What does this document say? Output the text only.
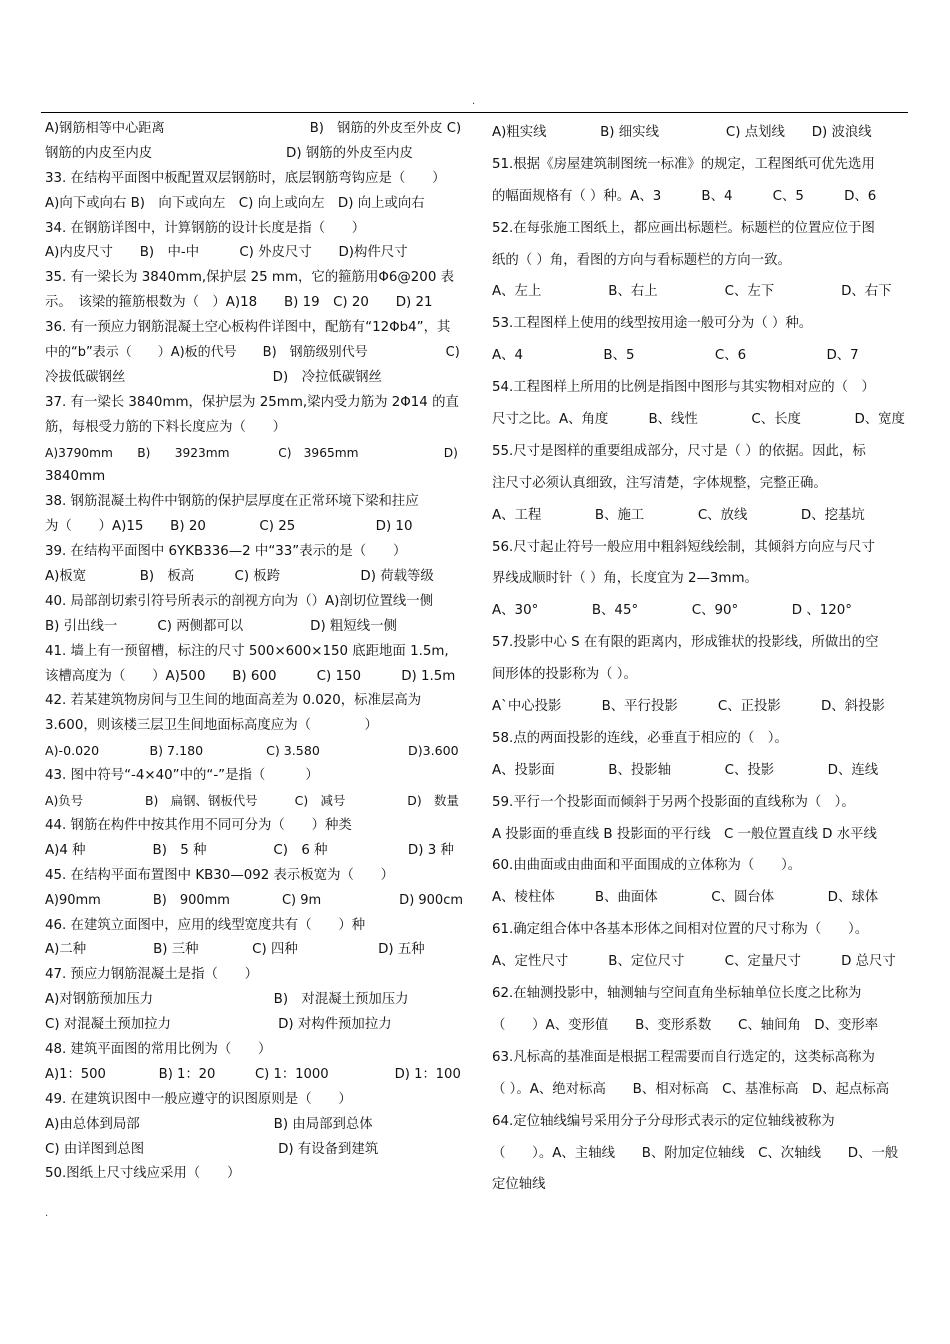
.
A)钢筋相等中心距离　　　　　　　　　　　B)　钢筋的外皮至外皮 C)
钢筋的内皮至内皮　　　　　　　　　　D) 钢筋的外皮至内皮
33. 在结构平面图中板配置双层钢筋时，底层钢筋弯钩应是（　　）
A)向下或向右 B)　向下或向左　C) 向上或向左　D) 向上或向右
34. 在钢筋详图中，计算钢筋的设计长度是指（　　）
A)内皮尺寸　　B)　中-中　　　C) 外皮尺寸　　D)构件尺寸
35. 有一梁长为 3840mm,保护层 25 mm，它的箍筋用Φ6@200 表
示。　该梁的箍筋根数为（　）A)18　　B) 19　C) 20　　D) 21
36. 有一预应力钢筋混凝土空心板构件详图中，配筋有“12Φb4”，其
中的“b”表示（　　）A)板的代号　　B)　钢筋级别代号　　　　　　C)
冷拔低碳钢丝　　　　　　　　　　　D)　冷拉低碳钢丝
37. 有一梁长 3840mm，保护层为 25mm,梁内受力筋为 2Φ14 的直
筋，每根受力筋的下料长度应为（　　）
A)3790mm　　B)　　3923mm　　　　C)　3965mm　　　　　　　D)
3840mm
38. 钢筋混凝土构件中钢筋的保护层厚度在正常环境下梁和拄应
为（　　）A)15　　B) 20　　　　C) 25　　　　　　D) 10
39. 在结构平面图中 6YKB336—2 中“33”表示的是（　　）
A)板宽　　　　B)　板高　　　C) 板跨　　　　　　D) 荷载等级
40. 局部剖切索引符号所表示的剖视方向为（）A)剖切位置线一侧
B) 引出线一　　　C) 两侧都可以　　　　　D) 粗短线一侧
41. 墙上有一预留槽，标注的尺寸 500×600×150 底距地面 1.5m,
该槽高度为（　　）A)500　　B) 600　　　C) 150　　　D) 1.5m
42. 若某建筑物房间与卫生间的地面高差为 0.020，标准层高为
3.600，则该楼三层卫生间地面标高度应为（　　　　）
A)-0.020　　　　B) 7.180　　　　　C) 3.580　　　　　　　D)3.600
43. 图中符号“-4×40”中的“-”是指（　　　）
A)负号　　　　　B)　扁钢、钢板代号　　　C)　减号　　　　　D)　数量
44. 钢筋在构件中按其作用不同可分为（　　）种类
A)4 种　　　　　B)　5 种　　　　　C)　6 种　　　　　　D) 3 种
45. 在结构平面布置图中 KB30—092 表示板宽为（　　）
A)90mm　　　　B)　900mm　　　　C) 9m　　　　　　D) 900cm
46. 在建筑立面图中，应用的线型宽度共有（　　）种
A)二种　　　　　B) 三种　　　　C) 四种　　　　　　D) 五种
47. 预应力钢筋混凝土是指（　　）
A)对钢筋预加压力　　　　　　　　　B)　对混凝土预加压力
C) 对混凝土预加拉力　　　　　　　　D) 对构件预加拉力
48. 建筑平面图的常用比例为（　　）
A)1：500　　　　B) 1：20　　　C) 1：1000　　　　　D) 1：100
49. 在建筑识图中一般应遵守的识图原则是（　　）
A)由总体到局部　　　　　　　　　　B) 由局部到总体
C) 由详图到总图　　　　　　　　　　D) 有设备到建筑
50.图纸上尺寸线应采用（　　）
A)粗实线　　　　B) 细实线　　　　　C) 点划线　　D) 波浪线
51.根据《房屋建筑制图统一标准》的规定，工程图纸可优先选用
的幅面规格有（ ）种。A、3　　　B、4　　　C、5　　　D、6
52.在每张施工图纸上，都应画出标题栏。标题栏的位置应位于图
纸的（ ）角，看图的方向与看标题栏的方向一致。
A、左上　　　　　B、右上　　　　　C、左下　　　　　D、右下
53.工程图样上使用的线型按用途一般可分为（ ）种。
A、4　　　　　　B、5　　　　　　C、6　　　　　　D、7
54.工程图样上所用的比例是指图中图形与其实物相对应的（　）
尺寸之比。A、角度　　　B、线性　　　　C、长度　　　　D、宽度
55.尺寸是图样的重要组成部分，尺寸是（ ）的依据。因此，标
注尺寸必须认真细致，注写清楚，字体规整，完整正确。
A、工程　　　　B、施工　　　　C、放线　　　　D、挖基坑
56.尺寸起止符号一般应用中粗斜短线绘制，其倾斜方向应与尺寸
界线成顺时针（ ）角，长度宜为 2—3mm。
A、30°　　　　B、45°　　　　C、90°　　　　D 、120°
57.投影中心 S 在有限的距离内，形成锥状的投影线，所做出的空
间形体的投影称为（ ）。
A`中心投影　　　B、平行投影　　　C、正投影　　　D、斜投影
58.点的两面投影的连线，必垂直于相应的（　）。
A、投影面　　　　B、投影轴　　　　C、投影　　　　D、连线
59.平行一个投影面而倾斜于另两个投影面的直线称为（　）。
A 投影面的垂直线 B 投影面的平行线　C 一般位置直线 D 水平线
60.由曲面或由曲面和平面围成的立体称为（　　）。
A、棱柱体　　　B、曲面体　　　　C、圆台体　　　　D、球体
61.确定组合体中各基本形体之间相对位置的尺寸称为（　　）。
A、定性尺寸　　　B、定位尺寸　　　C、定量尺寸　　　D 总尺寸
62.在轴测投影中，轴测轴与空间直角坐标轴单位长度之比称为
（　　）A、变形值　　B、变形系数　　C、轴间角　D、变形率
63.凡标高的基准面是根据工程需要而自行选定的，这类标高称为
（ ）。A、绝对标高　　B、相对标高　C、基准标高　D、起点标高
64.定位轴线编号采用分子分母形式表示的定位轴线被称为
（　　）。A、主轴线　　B、附加定位轴线　C、次轴线　　D、一般
定位轴线
.
